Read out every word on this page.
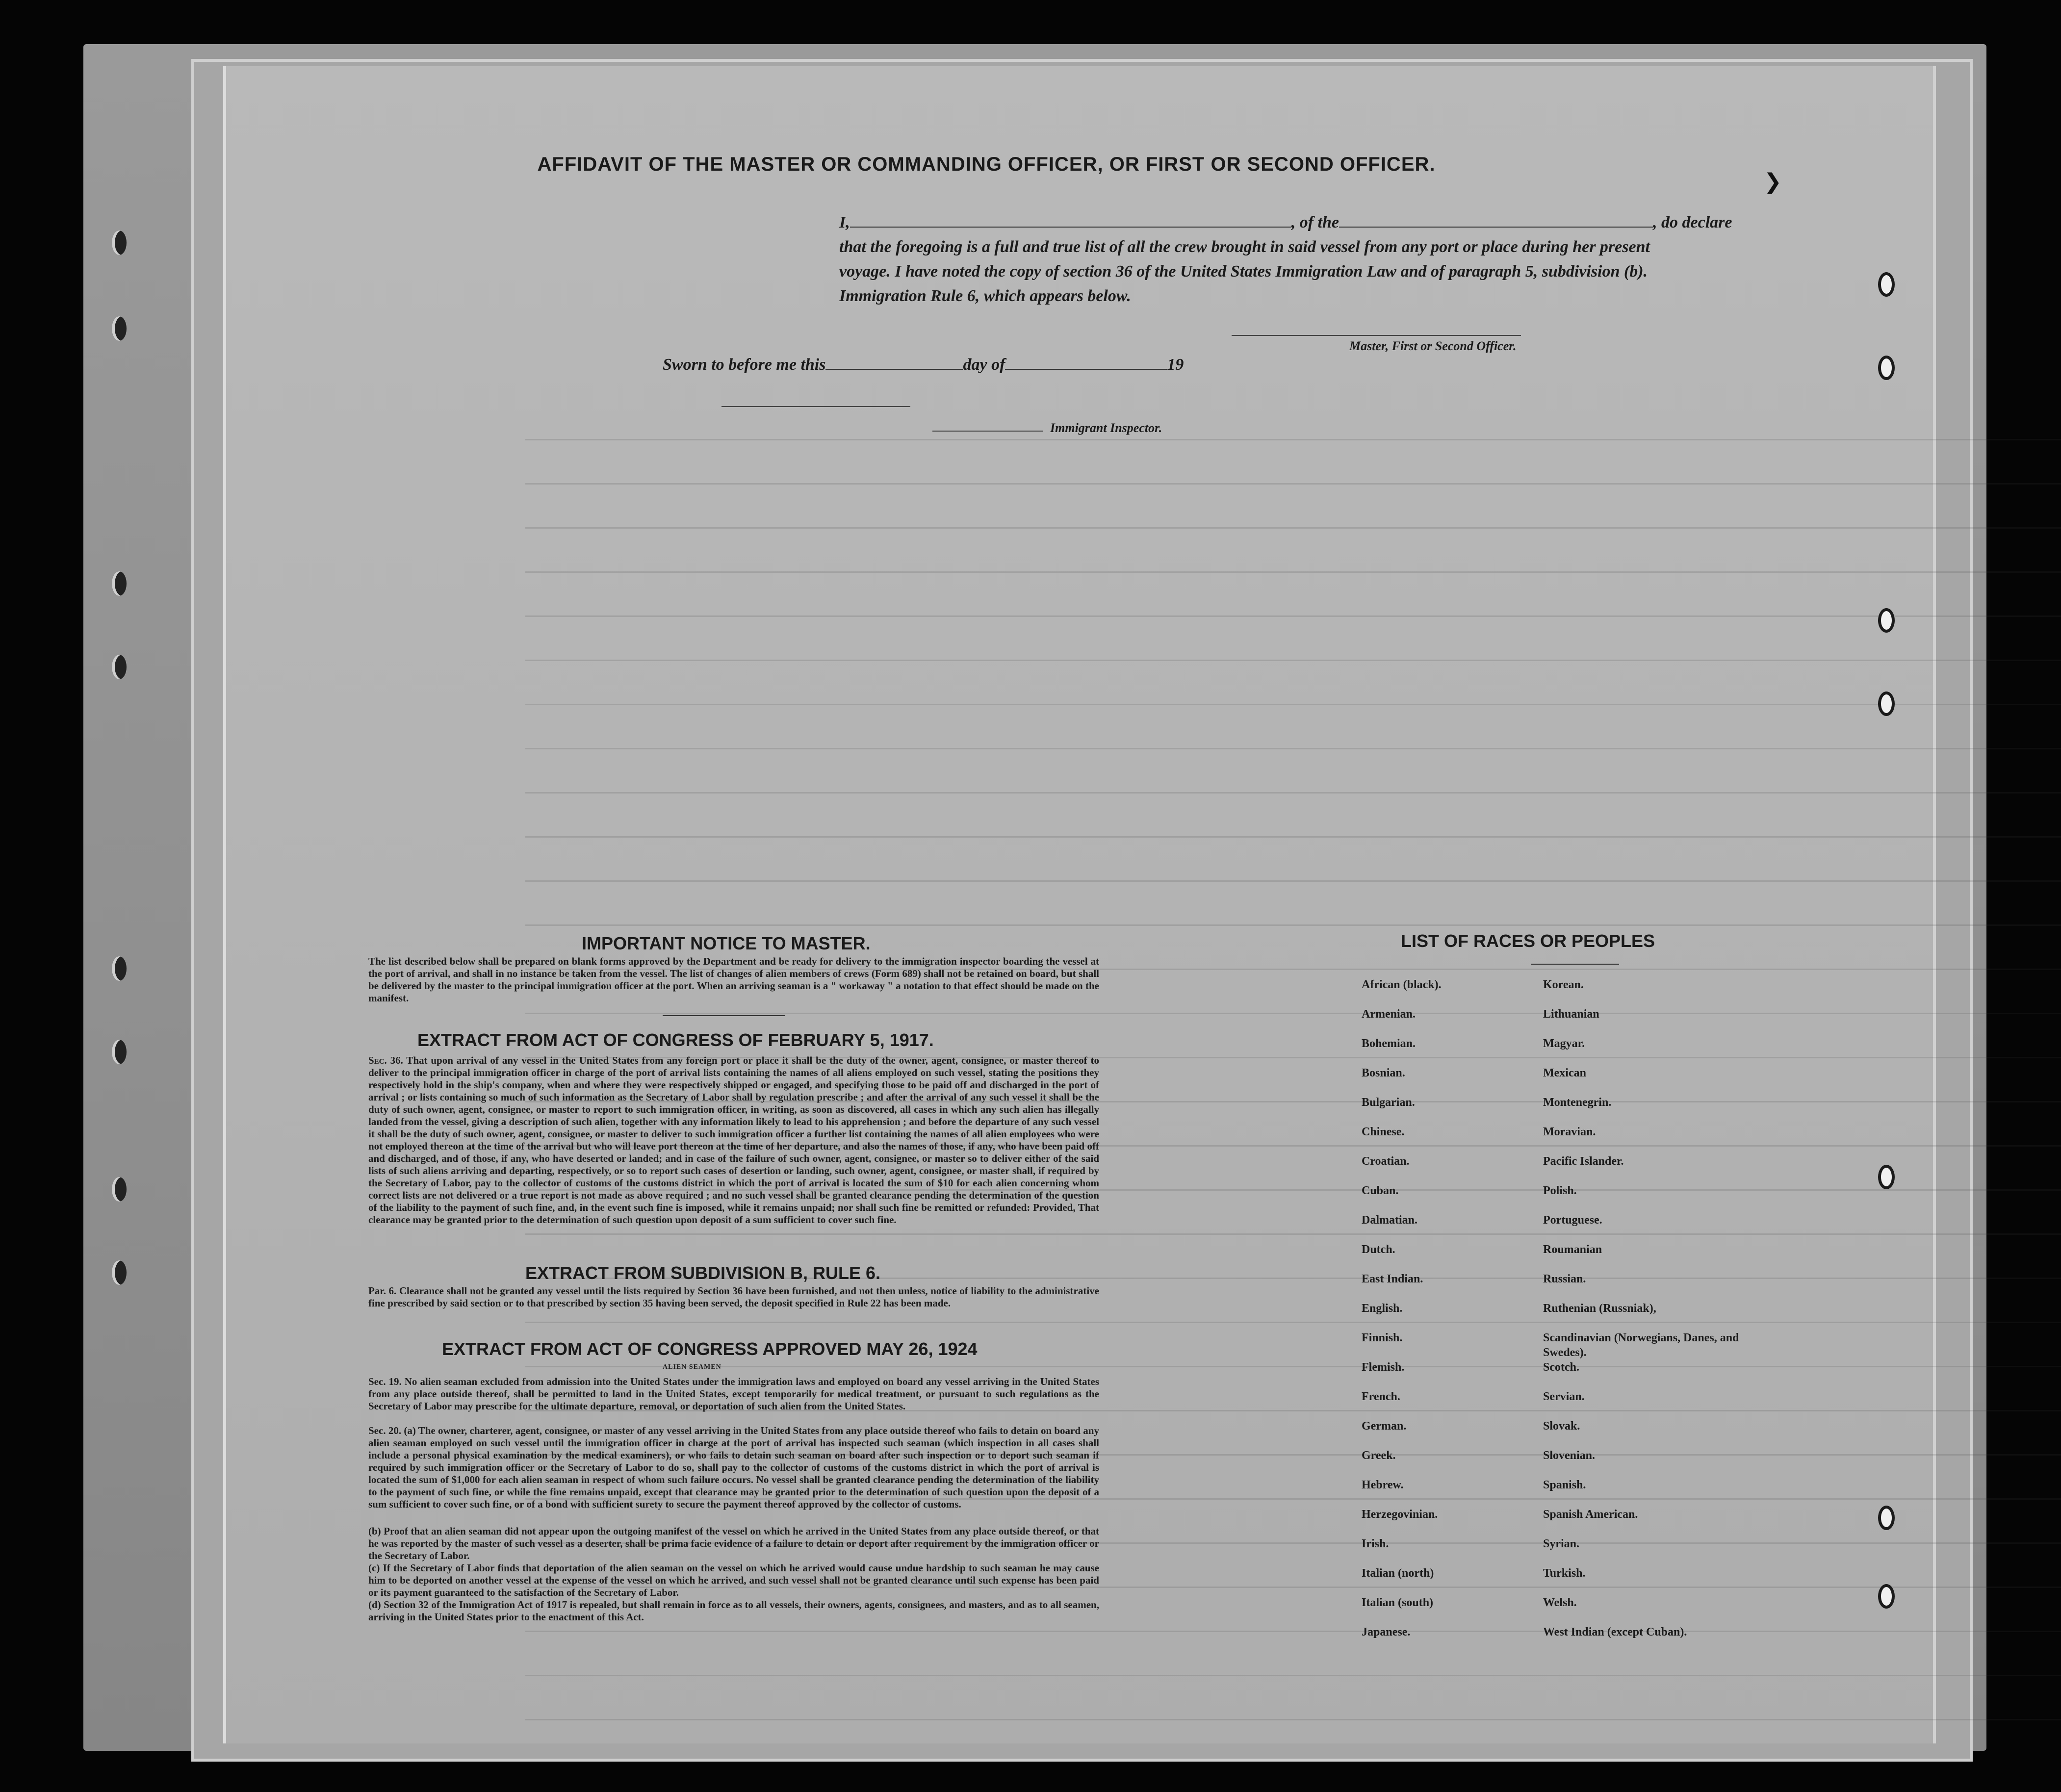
AFFIDAVIT OF THE MASTER OR COMMANDING OFFICER, OR FIRST OR SECOND OFFICER.
I,	, of the	, do declare
that the foregoing is a full and true list of all the crew brought in said vessel from any port or place during her present
voyage. I have noted the copy of section 36 of the United States Immigration Law and of paragraph 5, subdivision (b).
Immigration Rule 6, which appears below.
Master, First or Second Officer.
Sworn to before me this	day of	19
Immigrant Inspector.
IMPORTANT NOTICE TO MASTER.
The list described below shall be prepared on blank forms approved by the Department and be ready for delivery to the immigration inspector boarding the vessel at the port of arrival, and shall in no instance be taken from the vessel. The list of changes of alien members of crews (Form 689) shall not be retained on board, but shall be delivered by the master to the principal immigration officer at the port. When an arriving seaman is a " workaway " a notation to that effect should be made on the manifest.
EXTRACT FROM ACT OF CONGRESS OF FEBRUARY 5, 1917.
Sec. 36. That upon arrival of any vessel in the United States from any foreign port or place it shall be the duty of the owner, agent, consignee, or master thereof to deliver to the principal immigration officer in charge of the port of arrival lists containing the names of all aliens employed on such vessel, stating the positions they respectively hold in the ship's company, when and where they were respectively shipped or engaged, and specifying those to be paid off and discharged in the port of arrival ; or lists containing so much of such information as the Secretary of Labor shall by regulation prescribe ; and after the arrival of any such vessel it shall be the duty of such owner, agent, consignee, or master to report to such immigration officer, in writing, as soon as discovered, all cases in which any such alien has illegally landed from the vessel, giving a description of such alien, together with any information likely to lead to his apprehension ; and before the departure of any such vessel it shall be the duty of such owner, agent, consignee, or master to deliver to such immigration officer a further list containing the names of all alien employees who were not employed thereon at the time of the arrival but who will leave port thereon at the time of her departure, and also the names of those, if any, who have been paid off and discharged, and of those, if any, who have deserted or landed; and in case of the failure of such owner, agent, consignee, or master so to deliver either of the said lists of such aliens arriving and departing, respectively, or so to report such cases of desertion or landing, such owner, agent, consignee, or master shall, if required by the Secretary of Labor, pay to the collector of customs of the customs district in which the port of arrival is located the sum of $10 for each alien concerning whom correct lists are not delivered or a true report is not made as above required ; and no such vessel shall be granted clearance pending the determination of the question of the liability to the payment of such fine, and, in the event such fine is imposed, while it remains unpaid; nor shall such fine be remitted or refunded: Provided, That clearance may be granted prior to the determination of such question upon deposit of a sum sufficient to cover such fine.
EXTRACT FROM SUBDIVISION B, RULE 6.
Par. 6. Clearance shall not be granted any vessel until the lists required by Section 36 have been furnished, and not then unless, notice of liability to the administrative fine prescribed by said section or to that prescribed by section 35 having been served, the deposit specified in Rule 22 has been made.
EXTRACT FROM ACT OF CONGRESS APPROVED MAY 26, 1924
ALIEN SEAMEN
Sec. 19. No alien seaman excluded from admission into the United States under the immigration laws and employed on board any vessel arriving in the United States from any place outside thereof, shall be permitted to land in the United States, except temporarily for medical treatment, or pursuant to such regulations as the Secretary of Labor may prescribe for the ultimate departure, removal, or deportation of such alien from the United States.
Sec. 20. (a) The owner, charterer, agent, consignee, or master of any vessel arriving in the United States from any place outside thereof who fails to detain on board any alien seaman employed on such vessel until the immigration officer in charge at the port of arrival has inspected such seaman (which inspection in all cases shall include a personal physical examination by the medical examiners), or who fails to detain such seaman on board after such inspection or to deport such seaman if required by such immigration officer or the Secretary of Labor to do so, shall pay to the collector of customs of the customs district in which the port of arrival is located the sum of $1,000 for each alien seaman in respect of whom such failure occurs. No vessel shall be granted clearance pending the determination of the liability to the payment of such fine, or while the fine remains unpaid, except that clearance may be granted prior to the determination of such question upon the deposit of a sum sufficient to cover such fine, or of a bond with sufficient surety to secure the payment thereof approved by the collector of customs.
(b) Proof that an alien seaman did not appear upon the outgoing manifest of the vessel on which he arrived in the United States from any place outside thereof, or that he was reported by the master of such vessel as a deserter, shall be prima facie evidence of a failure to detain or deport after requirement by the immigration officer or the Secretary of Labor.
(c) If the Secretary of Labor finds that deportation of the alien seaman on the vessel on which he arrived would cause undue hardship to such seaman he may cause him to be deported on another vessel at the expense of the vessel on which he arrived, and such vessel shall not be granted clearance until such expense has been paid or its payment guaranteed to the satisfaction of the Secretary of Labor.
(d) Section 32 of the Immigration Act of 1917 is repealed, but shall remain in force as to all vessels, their owners, agents, consignees, and masters, and as to all seamen, arriving in the United States prior to the enactment of this Act.
LIST OF RACES OR PEOPLES
African (black).
Armenian.
Bohemian.
Bosnian.
Bulgarian.
Chinese.
Croatian.
Cuban.
Dalmatian.
Dutch.
East Indian.
English.
Finnish.
Flemish.
French.
German.
Greek.
Hebrew.
Herzegovinian.
Irish.
Italian (north)
Italian (south)
Japanese.
Korean.
Lithuanian
Magyar.
Mexican
Montenegrin.
Moravian.
Pacific Islander.
Polish.
Portuguese.
Roumanian
Russian.
Ruthenian (Russniak),
Scandinavian (Norwegians, Danes, and Swedes).
Scotch.
Servian.
Slovak.
Slovenian.
Spanish.
Spanish American.
Syrian.
Turkish.
Welsh.
West Indian (except Cuban).
❯
